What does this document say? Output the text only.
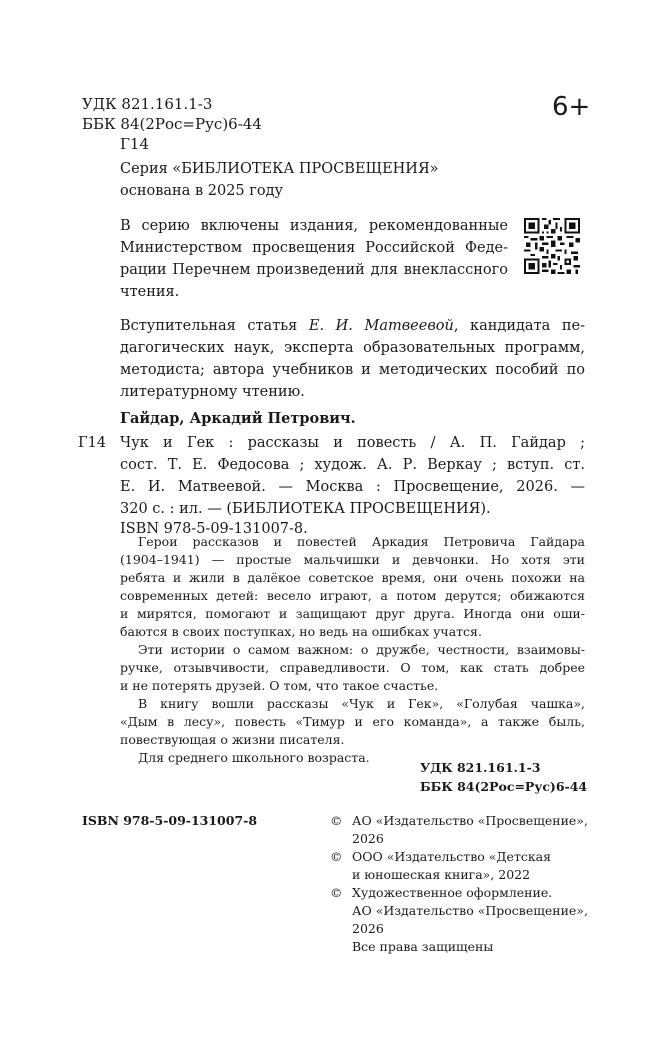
УДК 821.161.1-3
ББК 84(2Рос=Рус)6-44
Г14
6+
Серия «БИБЛИОТЕКА ПРОСВЕЩЕНИЯ»
основана в 2025 году
В серию включены издания, рекомендованные
Министерством просвещения Российской Феде-
рации Перечнем произведений для внеклассного
чтения.
Вступительная статья Е. И. Матвеевой, кандидата пе-
дагогических наук, эксперта образовательных программ,
методиста; автора учебников и методических пособий по
литературному чтению.
Гайдар, Аркадий Петрович.
Г14 Чук и Гек : рассказы и повесть / А. П. Гайдар ;
сост. Т. Е. Федосова ; худож. А. Р. Веркау ; вступ. ст.
Е. И. Матвеевой. — Москва : Просвещение, 2026. —
320 с. : ил. — (БИБЛИОТЕКА ПРОСВЕЩЕНИЯ).
ISBN 978-5-09-131007-8.
Герои рассказов и повестей Аркадия Петровича Гайдара
(1904–1941) — простые мальчишки и девчонки. Но хотя эти
ребята и жили в далёкое советское время, они очень похожи на
современных детей: весело играют, а потом дерутся; обижаются
и мирятся, помогают и защищают друг друга. Иногда они оши-
баются в своих поступках, но ведь на ошибках учатся.
Эти истории о самом важном: о дружбе, честности, взаимовы-
ручке, отзывчивости, справедливости. О том, как стать добрее
и не потерять друзей. О том, что такое счастье.
В книгу вошли рассказы «Чук и Гек», «Голубая чашка»,
«Дым в лесу», повесть «Тимур и его команда», а также быль,
повествующая о жизни писателя.
Для среднего школьного возраста.
УДК 821.161.1-3
ББК 84(2Рос=Рус)6-44
ISBN 978-5-09-131007-8	© АО «Издательство «Просвещение»,
2026
© ООО «Издательство «Детская
и юношеская книга», 2022
© Художественное оформление.
АО «Издательство «Просвещение»,
2026
Все права защищены
